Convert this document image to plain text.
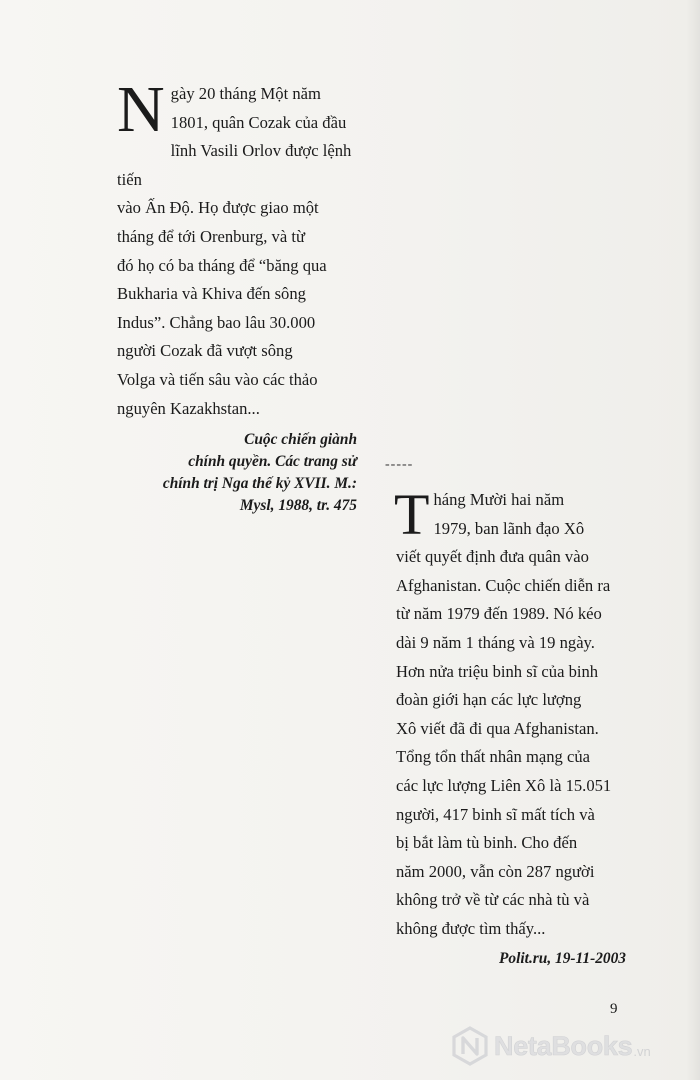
N gày 20 tháng Một năm
1801, quân Cozak của đầu
lĩnh Vasili Orlov được lệnh tiến
vào Ấn Độ. Họ được giao một
tháng để tới Orenburg, và từ
đó họ có ba tháng để “băng qua
Bukharia và Khiva đến sông
Indus”. Chẳng bao lâu 30.000
người Cozak đã vượt sông
Volga và tiến sâu vào các thảo
nguyên Kazakhstan...

Cuộc chiến giành
chính quyền. Các trang sử
chính trị Nga thế kỷ XVII. M.:
Mysl, 1988, tr. 475
-----

T háng Mười hai năm
1979, ban lãnh đạo Xô
viết quyết định đưa quân vào
Afghanistan. Cuộc chiến diễn ra
từ năm 1979 đến 1989. Nó kéo
dài 9 năm 1 tháng và 19 ngày.
Hơn nửa triệu binh sĩ của binh
đoàn giới hạn các lực lượng
Xô viết đã đi qua Afghanistan.
Tổng tổn thất nhân mạng của
các lực lượng Liên Xô là 15.051
người, 417 binh sĩ mất tích và
bị bắt làm tù binh. Cho đến
năm 2000, vẫn còn 287 người
không trở về từ các nhà tù và
không được tìm thấy...

Polit.ru, 19-11-2003
9
NetaBooks .vn
